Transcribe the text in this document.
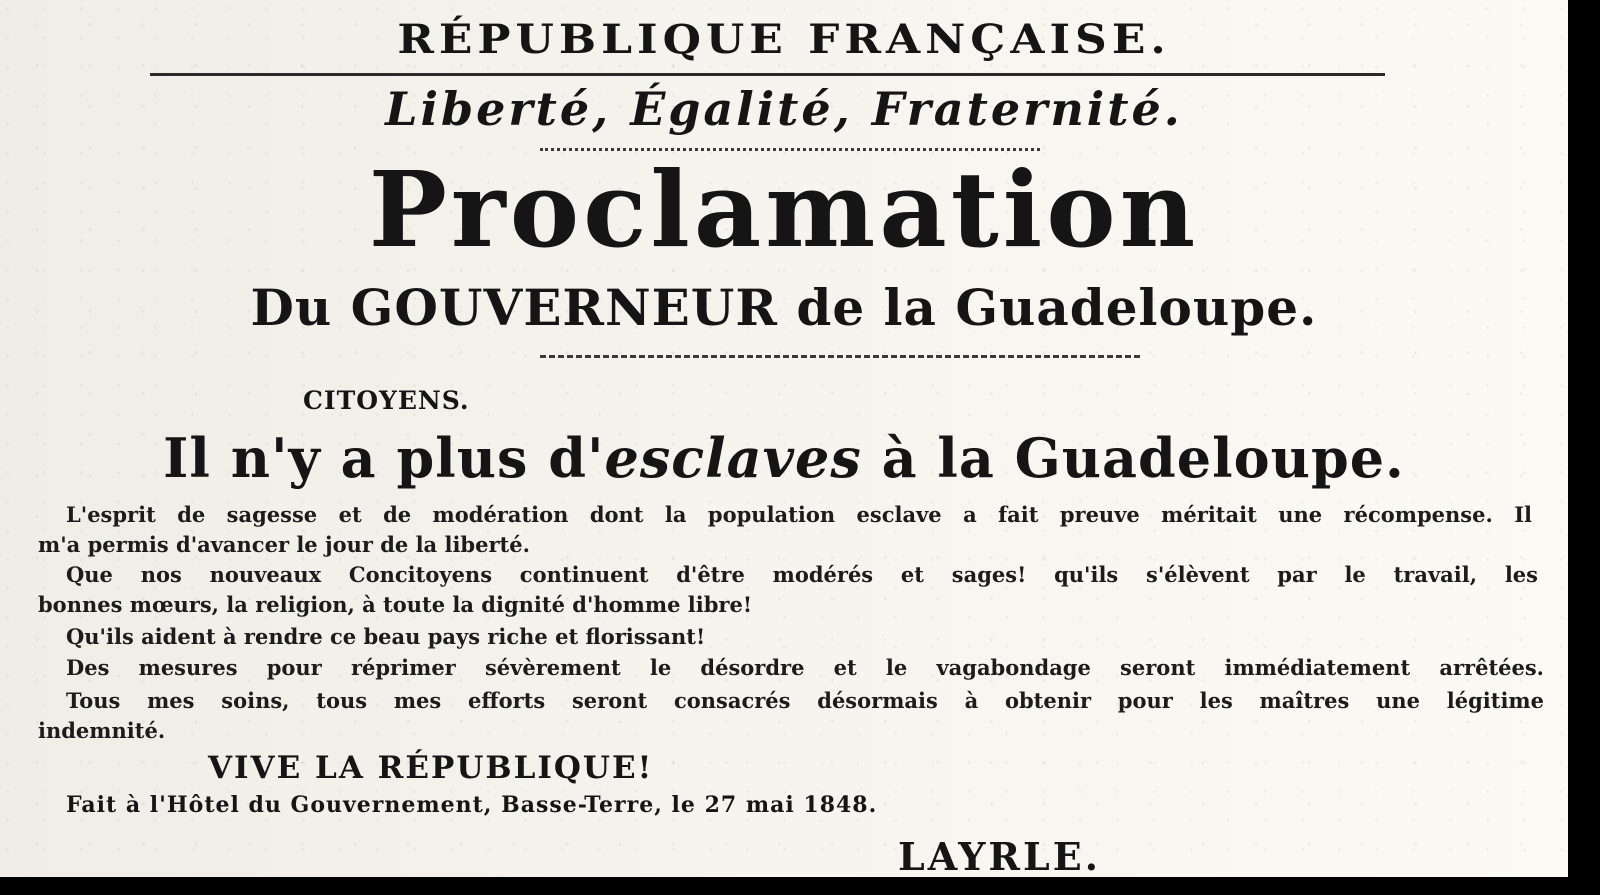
RÉPUBLIQUE FRANÇAISE.
Liberté, Égalité, Fraternité.
Proclamation
Du GOUVERNEUR de la Guadeloupe.
CITOYENS.
Il n'y a plus d'esclaves à la Guadeloupe.
L'esprit de sagesse et de modération dont la population esclave a fait preuve méritait une récompense. Il
m'a permis d'avancer le jour de la liberté.
Que nos nouveaux Concitoyens continuent d'être modérés et sages! qu'ils s'élèvent par le travail, les
bonnes mœurs, la religion, à toute la dignité d'homme libre!
Qu'ils aident à rendre ce beau pays riche et florissant!
Des mesures pour réprimer sévèrement le désordre et le vagabondage seront immédiatement arrêtées.
Tous mes soins, tous mes efforts seront consacrés désormais à obtenir pour les maîtres une légitime
indemnité.
VIVE LA RÉPUBLIQUE!
Fait à l'Hôtel du Gouvernement, Basse-Terre, le 27 mai 1848.
LAYRLE.
